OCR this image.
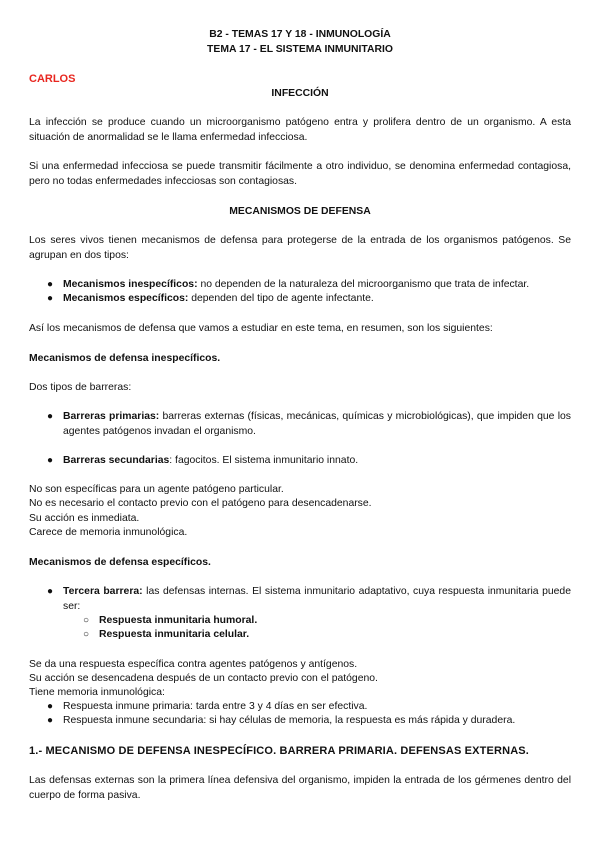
B2 - TEMAS 17 Y 18 - INMUNOLOGÍA
TEMA 17 - EL SISTEMA INMUNITARIO
CARLOS
INFECCIÓN
La infección se produce cuando un microorganismo patógeno entra y prolifera dentro de un organismo. A esta situación de anormalidad se le llama enfermedad infecciosa.
Si una enfermedad infecciosa se puede transmitir fácilmente a otro individuo, se denomina enfermedad contagiosa, pero no todas enfermedades infecciosas son contagiosas.
MECANISMOS DE DEFENSA
Los seres vivos tienen mecanismos de defensa para protegerse de la entrada de los organismos patógenos. Se agrupan en dos tipos:
● Mecanismos inespecíficos: no dependen de la naturaleza del microorganismo que trata de infectar.
● Mecanismos específicos: dependen del tipo de agente infectante.
Así los mecanismos de defensa que vamos a estudiar en este tema, en resumen, son los siguientes:
Mecanismos de defensa inespecíficos.
Dos tipos de barreras:
● Barreras primarias: barreras externas (físicas, mecánicas, químicas y microbiológicas), que impiden que los agentes patógenos invadan el organismo.
● Barreras secundarias: fagocitos. El sistema inmunitario innato.
No son específicas para un agente patógeno particular.
No es necesario el contacto previo con el patógeno para desencadenarse.
Su acción es inmediata.
Carece de memoria inmunológica.
Mecanismos de defensa específicos.
● Tercera barrera: las defensas internas. El sistema inmunitario adaptativo, cuya respuesta inmunitaria puede ser:
○ Respuesta inmunitaria humoral.
○ Respuesta inmunitaria celular.
Se da una respuesta específica contra agentes patógenos y antígenos.
Su acción se desencadena después de un contacto previo con el patógeno.
Tiene memoria inmunológica:
● Respuesta inmune primaria: tarda entre 3 y 4 días en ser efectiva.
● Respuesta inmune secundaria: si hay células de memoria, la respuesta es más rápida y duradera.
1.- MECANISMO DE DEFENSA INESPECÍFICO. BARRERA PRIMARIA. DEFENSAS EXTERNAS.
Las defensas externas son la primera línea defensiva del organismo, impiden la entrada de los gérmenes dentro del cuerpo de forma pasiva.
